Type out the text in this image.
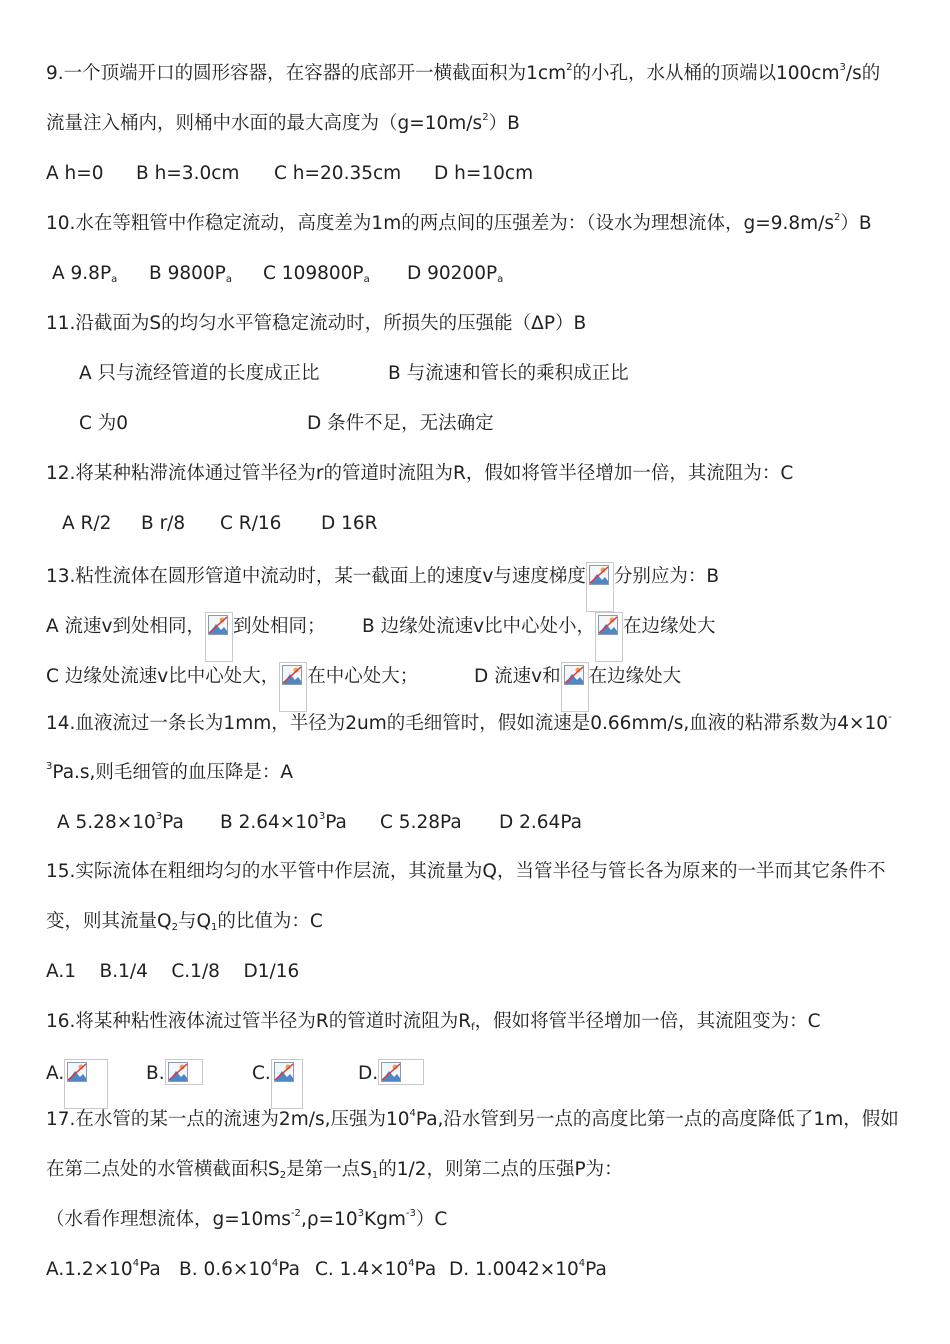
9.一个顶端开口的圆形容器，在容器的底部开一横截面积为$1cm^2$的小孔，水从桶的顶端以$100cm^3/s$的
流量注入桶内，则桶中水面的最大高度为$(g=10m/s^2)B$
A h=0 B h=3.0cm C h=20.35cm D h=10cm
10.水在等粗管中作稳定流动，高度差为1m的两点间的压强差为：（设水为理想流体，$g=9.8m/s^2)B$
A $9.8P_a$ B $9800P_a$ C $109800P_a$ D $90200P_a$
11.沿截面为S的均匀水平管稳定流动时，所损失的压强能（ΔP）B
A 只与流经管道的长度成正比	B 与流速和管长的乘积成正比
C 为0	D 条件不足，无法确定
12.将某种粘滞流体通过管半径为r的管道时流阻为R，假如将管半径增加一倍，其流阻为：C
A R/2 B r/8 C R/16 D 16R
13.粘性流体在圆形管道中流动时，某一截面上的速度v与速度梯度 分别应为：B
A 流速v到处相同， 到处相同； B 边缘处流速v比中心处小， 在边缘处大
C 边缘处流速v比中心处大， 在中心处大；	D 流速v和 在边缘处大
14.血液流过一条长为1mm，半径为2um的毛细管时，假如流速是0.66mm/s,血液的粘滞系数为4×10-
$^3$Pa.s,则毛细管的血压降是：A
A $5.28\times 10^3Pa$ B $2.64\times 10^3Pa$ C 5.28Pa D 2.64Pa
15.实际流体在粗细均匀的水平管中作层流，其流量为Q，当管半径与管长各为原来的一半而其它条件不
变，则其流量$Q_2$与$Q_1$的比值为：C
A.1    B.1/4    C.1/8    D1/16
16.将某种粘性液体流过管半径为R的管道时流阻为$R_f$，假如将管半径增加一倍，其流阻变为：C
A.	B.	C.	D.
17.在水管的某一点的流速为2m/s,压强为$10^4Pa$,沿水管到另一点的高度比第一点的高度降低了1m，假如
在第二点处的水管横截面积$S_2$是第一点$S_1$的1/2，则第二点的压强P为：
（水看作理想流体，$g=10ms^{-2},\rho=10^3Kgm^{-3})C$
$A.1.2\times 10^4Pa$ B. $0.6\times 10^4Pa$ C. $1.4\times 10^4Pa$ D. $1.0042\times 10^4Pa$
